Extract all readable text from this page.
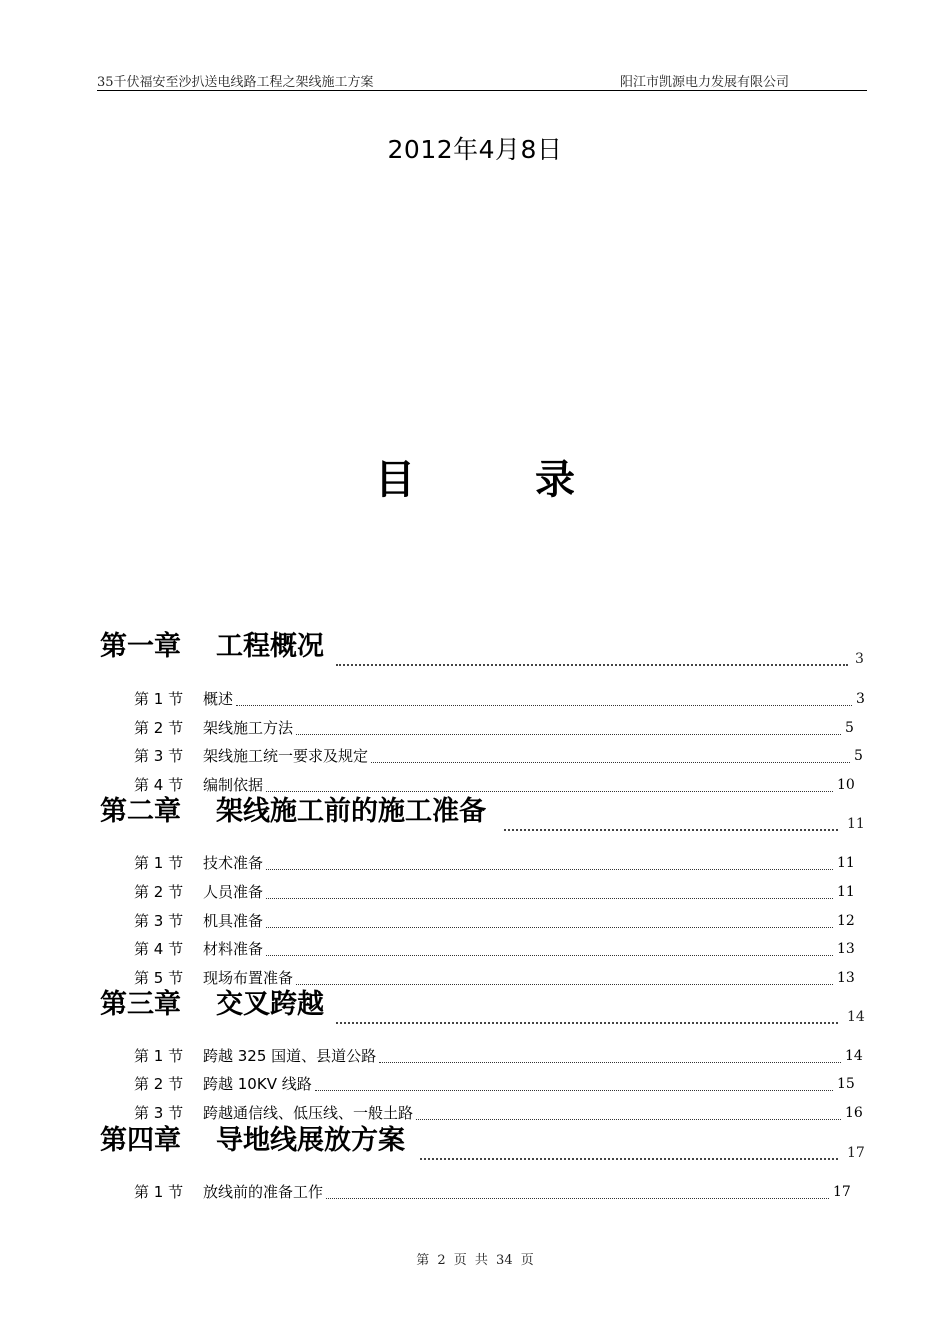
35千伏福安至沙扒送电线路工程之架线施工方案	阳江市凯源电力发展有限公司
2012年4月8日
目	录
第一章 工程概况	3
第 1 节 概述	3
第 2 节 架线施工方法	5
第 3 节 架线施工统一要求及规定	5
第 4 节 编制依据	10
第二章 架线施工前的施工准备	11
第 1 节 技术准备	11
第 2 节 人员准备	11
第 3 节 机具准备	12
第 4 节 材料准备	13
第 5 节 现场布置准备	13
第三章 交叉跨越	14
第 1 节 跨越 325 国道、县道公路	14
第 2 节 跨越 10KV 线路	15
第 3 节 跨越通信线、低压线、一般土路	16
第四章 导地线展放方案	17
第 1 节 放线前的准备工作	17
第 2 页 共 34 页
